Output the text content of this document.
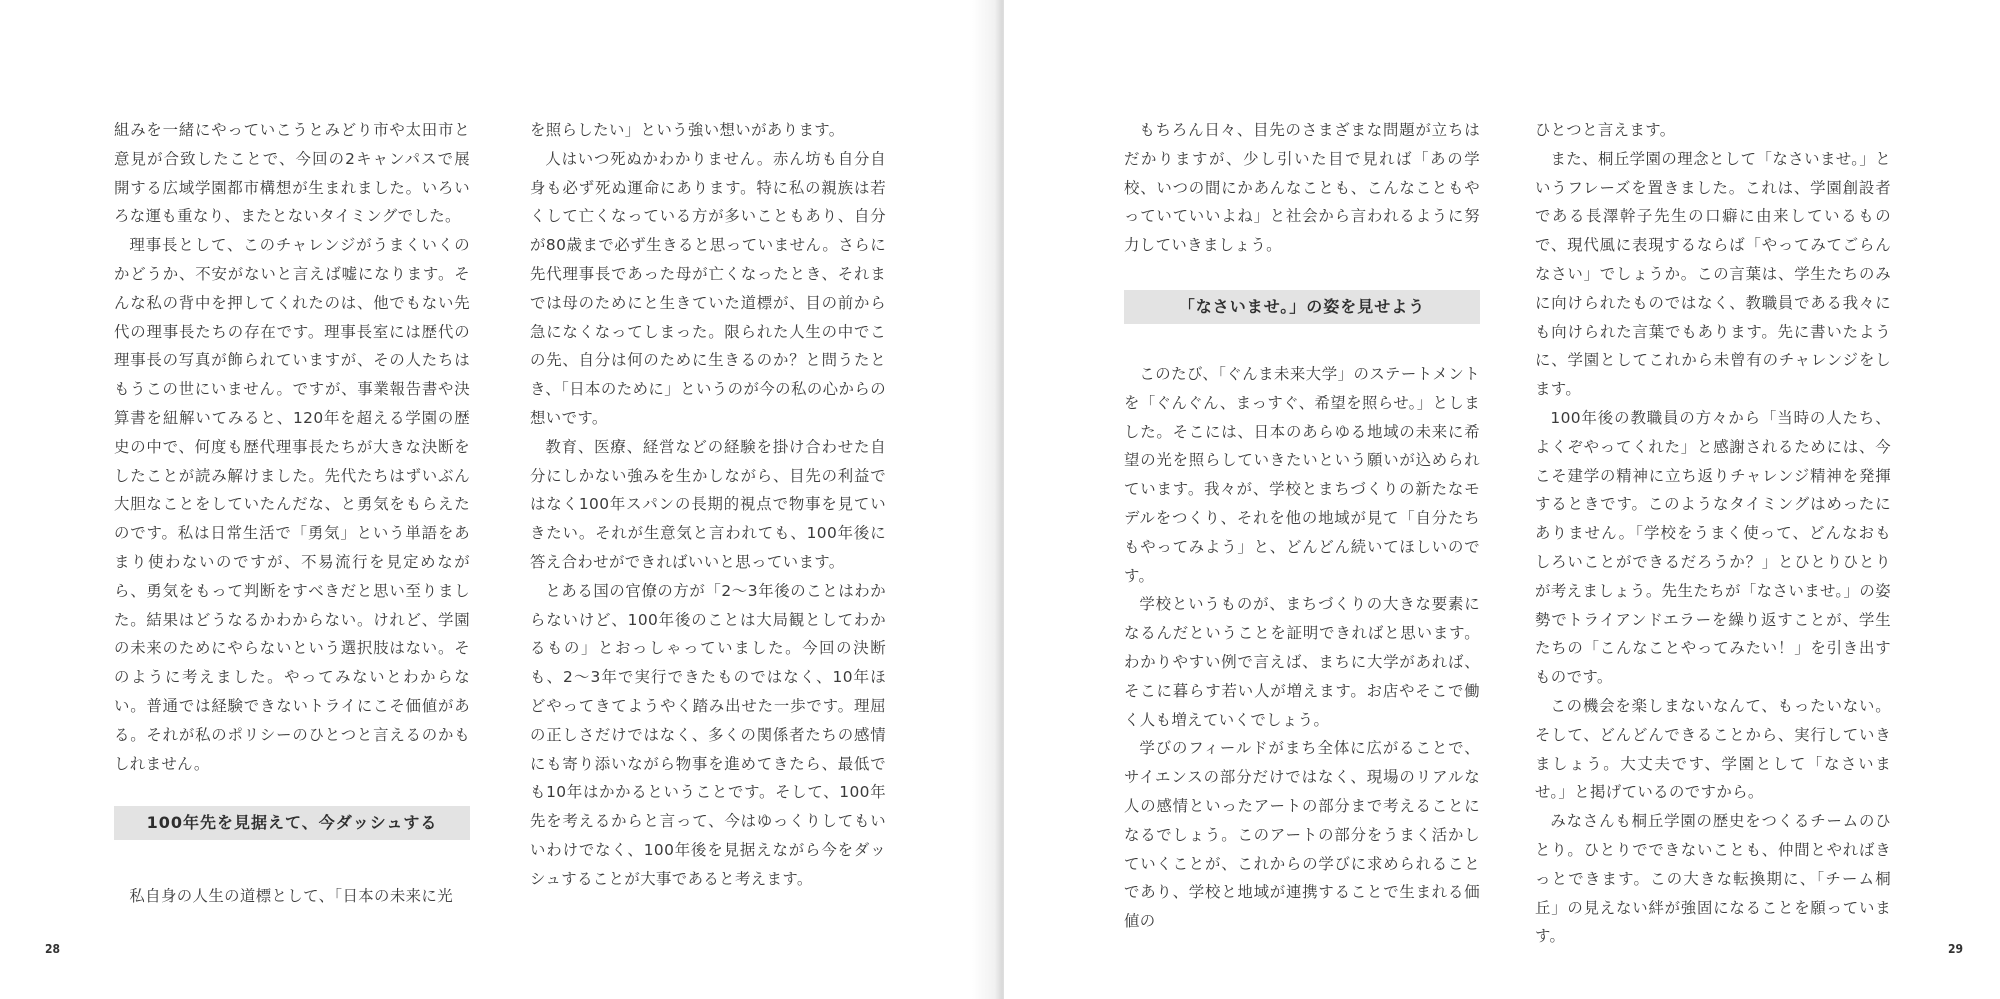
組みを一緒にやっていこうとみどり市や太田市と意見が合致したことで、今回の2キャンパスで展開する広域学園都市構想が生まれました。いろいろな運も重なり、またとないタイミングでした。

理事長として、このチャレンジがうまくいくのかどうか、不安がないと言えば嘘になります。そんな私の背中を押してくれたのは、他でもない先代の理事長たちの存在です。理事長室には歴代の理事長の写真が飾られていますが、その人たちはもうこの世にいません。ですが、事業報告書や決算書を紐解いてみると、120年を超える学園の歴史の中で、何度も歴代理事長たちが大きな決断をしたことが読み解けました。先代たちはずいぶん大胆なことをしていたんだな、と勇気をもらえたのです。私は日常生活で「勇気」という単語をあまり使わないのですが、不易流行を見定めながら、勇気をもって判断をすべきだと思い至りました。結果はどうなるかわからない。けれど、学園の未来のためにやらないという選択肢はない。そのように考えました。やってみないとわからない。普通では経験できないトライにこそ価値がある。それが私のポリシーのひとつと言えるのかもしれません。

100年先を見据えて、今ダッシュする

私自身の人生の道標として、「日本の未来に光

を照らしたい」という強い想いがあります。

人はいつ死ぬかわかりません。赤ん坊も自分自身も必ず死ぬ運命にあります。特に私の親族は若くして亡くなっている方が多いこともあり、自分が80歳まで必ず生きると思っていません。さらに先代理事長であった母が亡くなったとき、それまでは母のためにと生きていた道標が、目の前から急になくなってしまった。限られた人生の中でこの先、自分は何のために生きるのか？と問うたとき、「日本のために」というのが今の私の心からの想いです。

教育、医療、経営などの経験を掛け合わせた自分にしかない強みを生かしながら、目先の利益ではなく100年スパンの長期的視点で物事を見ていきたい。それが生意気と言われても、100年後に答え合わせができればいいと思っています。

とある国の官僚の方が「2～3年後のことはわからないけど、100年後のことは大局観としてわかるもの」とおっしゃっていました。今回の決断も、2～3年で実行できたものではなく、10年ほどやってきてようやく踏み出せた一歩です。理屈の正しさだけではなく、多くの関係者たちの感情にも寄り添いながら物事を進めてきたら、最低でも10年はかかるということです。そして、100年先を考えるからと言って、今はゆっくりしてもいいわけでなく、100年後を見据えながら今をダッシュすることが大事であると考えます。

28

もちろん日々、目先のさまざまな問題が立ちはだかりますが、少し引いた目で見れば「あの学校、いつの間にかあんなことも、こんなこともやっていていいよね」と社会から言われるように努力していきましょう。

「なさいませ。」の姿を見せよう

このたび、「ぐんま未来大学」のステートメントを「ぐんぐん、まっすぐ、希望を照らせ。」としました。そこには、日本のあらゆる地域の未来に希望の光を照らしていきたいという願いが込められています。我々が、学校とまちづくりの新たなモデルをつくり、それを他の地域が見て「自分たちもやってみよう」と、どんどん続いてほしいのです。

学校というものが、まちづくりの大きな要素になるんだということを証明できればと思います。わかりやすい例で言えば、まちに大学があれば、そこに暮らす若い人が増えます。お店やそこで働く人も増えていくでしょう。

学びのフィールドがまち全体に広がることで、サイエンスの部分だけではなく、現場のリアルな人の感情といったアートの部分まで考えることになるでしょう。このアートの部分をうまく活かしていくことが、これからの学びに求められることであり、学校と地域が連携することで生まれる価値の

ひとつと言えます。

また、桐丘学園の理念として「なさいませ。」というフレーズを置きました。これは、学園創設者である長澤幹子先生の口癖に由来しているもので、現代風に表現するならば「やってみてごらんなさい」でしょうか。この言葉は、学生たちのみに向けられたものではなく、教職員である我々にも向けられた言葉でもあります。先に書いたように、学園としてこれから未曾有のチャレンジをします。

100年後の教職員の方々から「当時の人たち、よくぞやってくれた」と感謝されるためには、今こそ建学の精神に立ち返りチャレンジ精神を発揮するときです。このようなタイミングはめったにありません。「学校をうまく使って、どんなおもしろいことができるだろうか？」とひとりひとりが考えましょう。先生たちが「なさいませ。」の姿勢でトライアンドエラーを繰り返すことが、学生たちの「こんなことやってみたい！」を引き出すものです。

この機会を楽しまないなんて、もったいない。そして、どんどんできることから、実行していきましょう。大丈夫です、学園として「なさいませ。」と掲げているのですから。

みなさんも桐丘学園の歴史をつくるチームのひとり。ひとりでできないことも、仲間とやればきっとできます。この大きな転換期に、「チーム桐丘」の見えない絆が強固になることを願っています。

29
